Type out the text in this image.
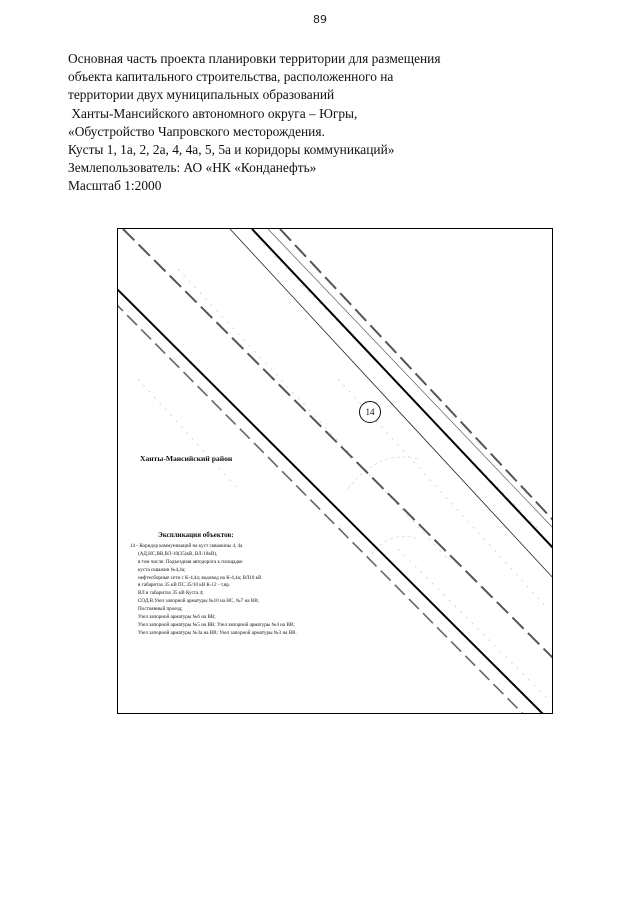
89
Основная часть проекта планировки территории для размещения
объекта капитального строительства, расположенного на
территории двух муниципальных образований
Ханты-Мансийского автономного округа – Югры,
«Обустройство Чапровского месторождения.
Кусты 1, 1а, 2, 2а, 4, 4а, 5, 5а и коридоры коммуникаций»
Землепользователь: АО «НК «Конданефть»
Масштаб 1:2000
14
Ханты-Мансийский район
Экспликация объектов:
14 - Коридор коммуникаций на куст скважины 4, 4а
(АД,НС,ВВ,ВЛ-10(35)кВ, ВЛ-10кВ),
в том числе: Подъездная автодорога к площадке
куста скважин №4,4а;
нефтесборные сети с К-4,4а; водовод на К-4,4а; ВЛ10 кВ
в габаритах 35 кВ ПС 35/10 кВ К-12 - т.вр.
ВЛ в габаритах 35 кВ Куста 4;
СОД.В.Узел запорной арматуры №10 на НС, №7 на ВВ;
Постоянный проезд;
Узел запорной арматуры №6 на ВВ;
Узел запорной арматуры №5 на ВВ; Узел запорной арматуры №4 на ВВ;
Узел запорной арматуры №3а на ВВ; Узел запорной арматуры №3 на ВВ.
